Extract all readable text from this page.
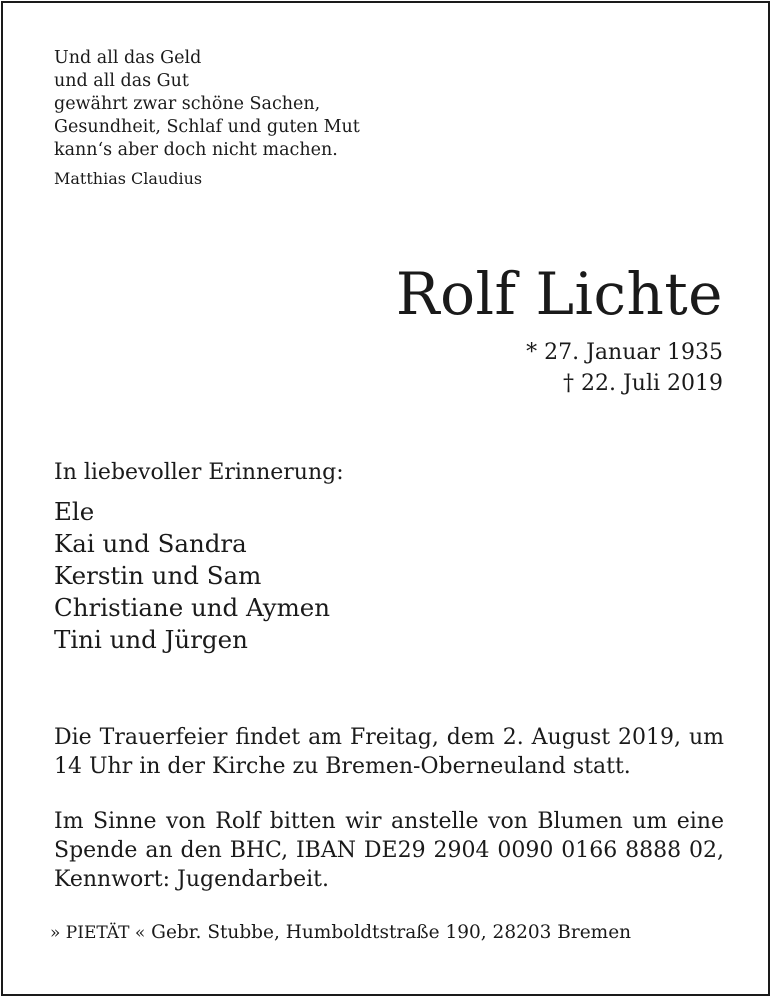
Und all das Geld
und all das Gut
gewährt zwar schöne Sachen,
Gesundheit, Schlaf und guten Mut
kann‘s aber doch nicht machen.
Matthias Claudius
Rolf Lichte
* 27. Januar 1935
† 22. Juli 2019
In liebevoller Erinnerung:
Ele
Kai und Sandra
Kerstin und Sam
Christiane und Aymen
Tini und Jürgen
Die Trauerfeier findet am Freitag, dem 2. August 2019, um
14 Uhr in der Kirche zu Bremen-Oberneuland statt.
Im Sinne von Rolf bitten wir anstelle von Blumen um eine
Spende an den BHC, IBAN DE29 2904 0090 0166 8888 02,
Kennwort: Jugendarbeit.
» PIETÄT « Gebr. Stubbe, Humboldtstraße 190, 28203 Bremen
